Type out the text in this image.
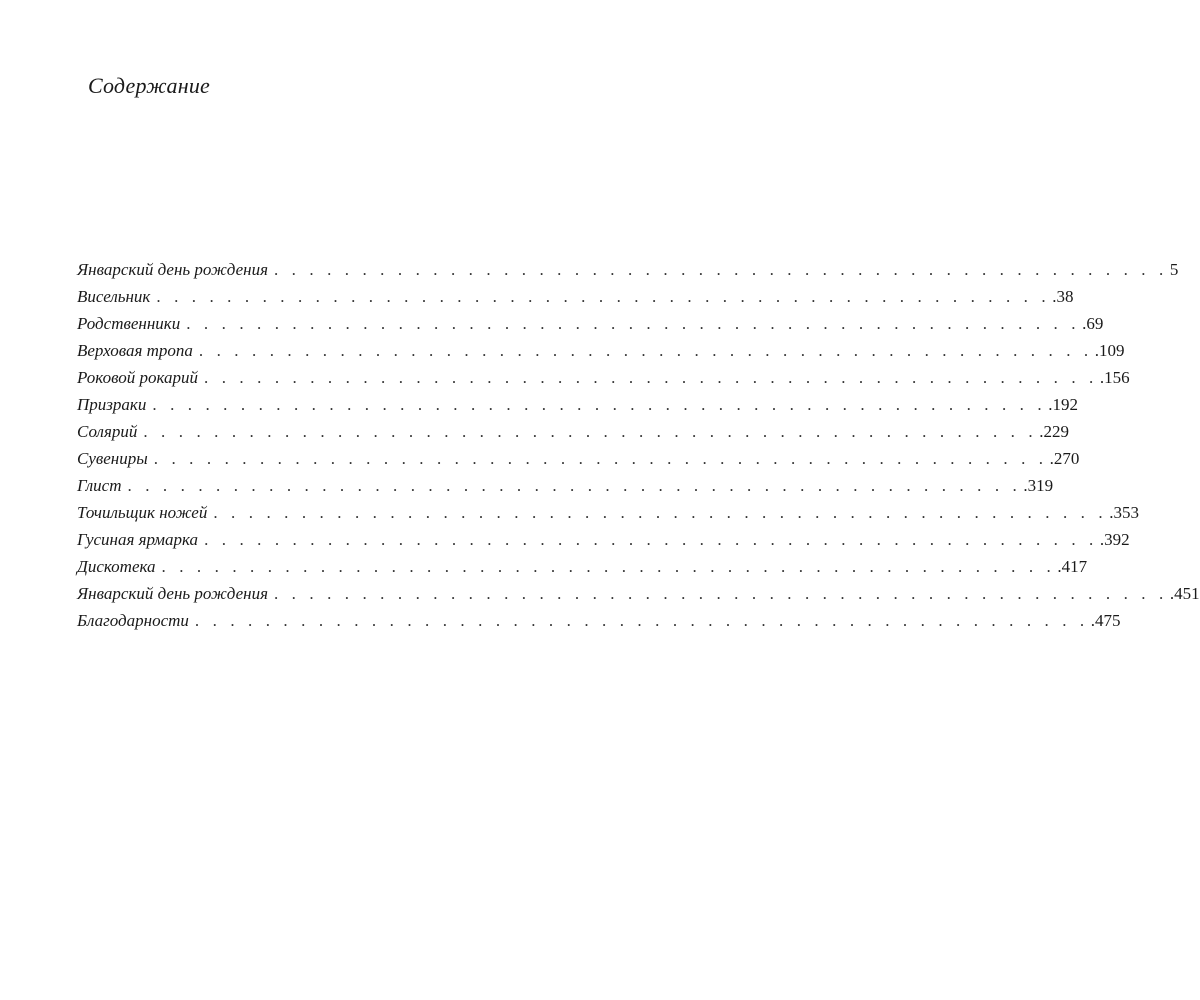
Содержание
Январский день рождения . . . . . . . . . . . . . . . . . . . . . . . . . . . . . . . . . . . . . . . . . . . . . . . . . . . 5
Висельник . . . . . . . . . . . . . . . . . . . . . . . . . . . . . . . . . . . . . . . . . . . . . . . . . . . .38
Родственники . . . . . . . . . . . . . . . . . . . . . . . . . . . . . . . . . . . . . . . . . . . . . . . . . . . .69
Верховая тропа . . . . . . . . . . . . . . . . . . . . . . . . . . . . . . . . . . . . . . . . . . . . . . . . . . . .109
Роковой рокарий . . . . . . . . . . . . . . . . . . . . . . . . . . . . . . . . . . . . . . . . . . . . . . . . . . . .156
Призраки . . . . . . . . . . . . . . . . . . . . . . . . . . . . . . . . . . . . . . . . . . . . . . . . . . . .192
Солярий . . . . . . . . . . . . . . . . . . . . . . . . . . . . . . . . . . . . . . . . . . . . . . . . . . . .229
Сувениры . . . . . . . . . . . . . . . . . . . . . . . . . . . . . . . . . . . . . . . . . . . . . . . . . . . .270
Глист . . . . . . . . . . . . . . . . . . . . . . . . . . . . . . . . . . . . . . . . . . . . . . . . . . . .319
Точильщик ножей . . . . . . . . . . . . . . . . . . . . . . . . . . . . . . . . . . . . . . . . . . . . . . . . . . . .353
Гусиная ярмарка . . . . . . . . . . . . . . . . . . . . . . . . . . . . . . . . . . . . . . . . . . . . . . . . . . . .392
Дискотека . . . . . . . . . . . . . . . . . . . . . . . . . . . . . . . . . . . . . . . . . . . . . . . . . . . .417
Январский день рождения . . . . . . . . . . . . . . . . . . . . . . . . . . . . . . . . . . . . . . . . . . . . . . . . . . . .451
Благодарности . . . . . . . . . . . . . . . . . . . . . . . . . . . . . . . . . . . . . . . . . . . . . . . . . . . .475
